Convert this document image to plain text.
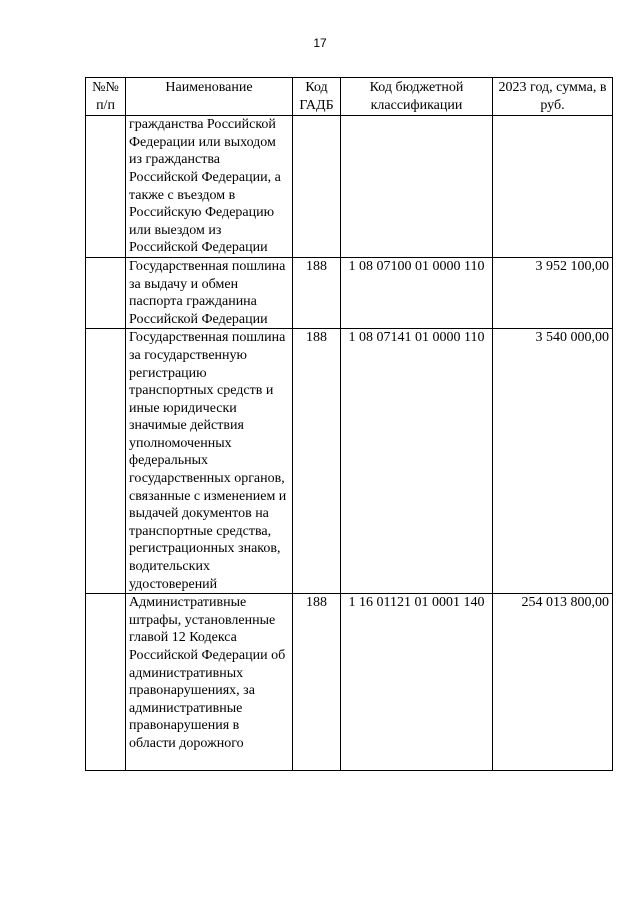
17
№№ п/п	Наименование	Код ГАДБ	Код бюджетной классификации	2023 год, сумма, в руб.
	гражданства Российской Федерации или выходом из гражданства Российской Федерации, а также с въездом в Российскую Федерацию или выездом из Российской Федерации			
	Государственная пошлина за выдачу и обмен паспорта гражданина Российской Федерации	188	1 08 07100 01 0000 110	3 952 100,00
	Государственная пошлина за государственную регистрацию транспортных средств и иные юридически значимые действия уполномоченных федеральных государственных органов, связанные с изменением и выдачей документов на транспортные средства, регистрационных знаков, водительских удостоверений	188	1 08 07141 01 0000 110	3 540 000,00
	Административные штрафы, установленные главой 12 Кодекса Российской Федерации об административных правонарушениях, за административные правонарушения в области дорожного	188	1 16 01121 01 0001 140	254 013 800,00
